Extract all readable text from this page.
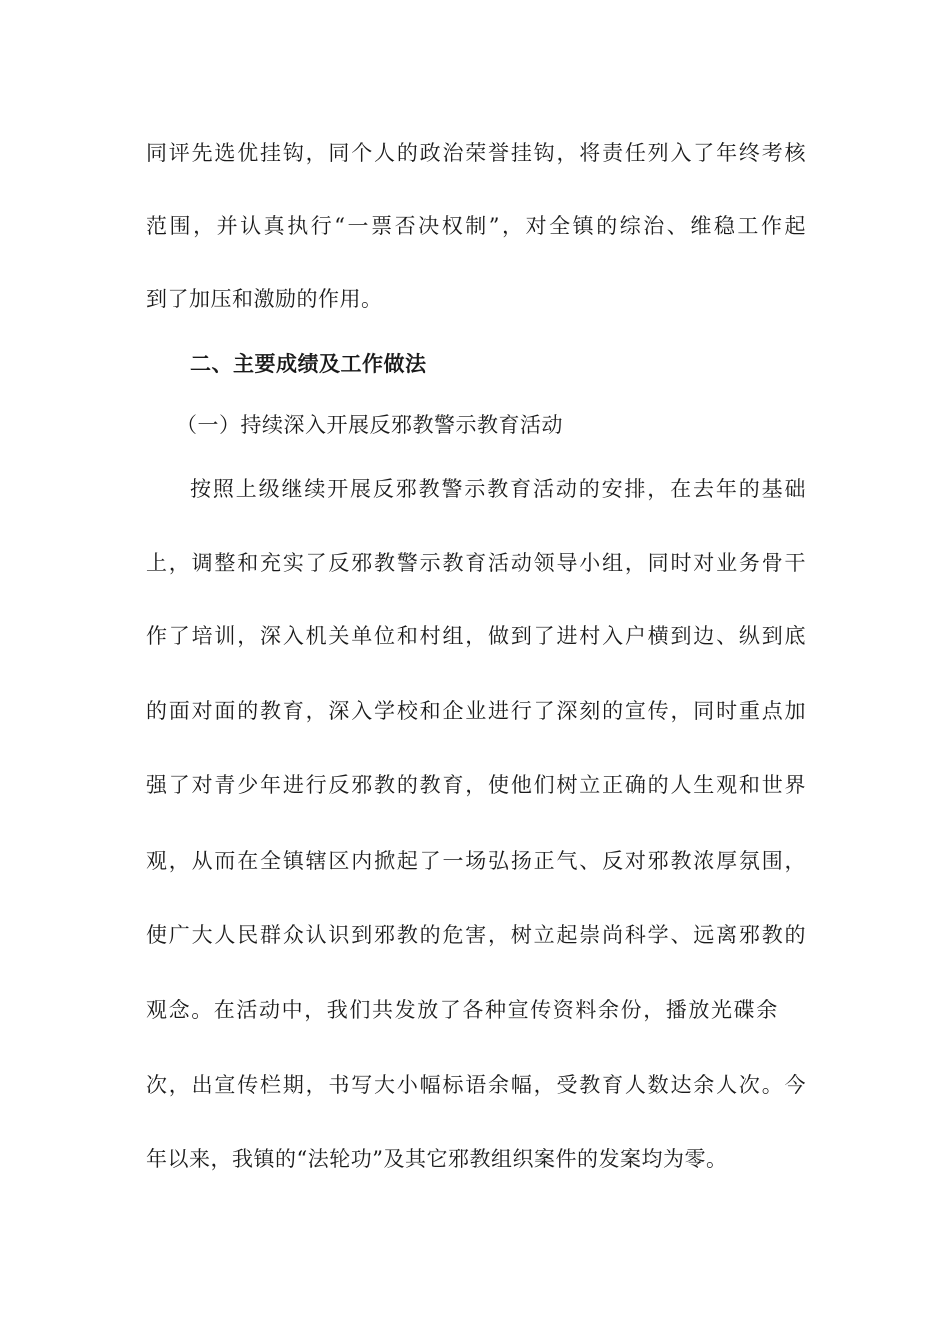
同评先选优挂钩，同个人的政治荣誉挂钩，将责任列入了年终考核

范围，并认真执行“一票否决权制”，对全镇的综治、维稳工作起

到了加压和激励的作用。

二、主要成绩及工作做法

（一）持续深入开展反邪教警示教育活动

按照上级继续开展反邪教警示教育活动的安排，在去年的基础

上，调整和充实了反邪教警示教育活动领导小组，同时对业务骨干

作了培训，深入机关单位和村组，做到了进村入户横到边、纵到底

的面对面的教育，深入学校和企业进行了深刻的宣传，同时重点加

强了对青少年进行反邪教的教育，使他们树立正确的人生观和世界

观，从而在全镇辖区内掀起了一场弘扬正气、反对邪教浓厚氛围，

使广大人民群众认识到邪教的危害，树立起崇尚科学、远离邪教的

观念。在活动中，我们共发放了各种宣传资料余份，播放光碟余

次，出宣传栏期，书写大小幅标语余幅，受教育人数达余人次。今

年以来，我镇的“法轮功”及其它邪教组织案件的发案均为零。
